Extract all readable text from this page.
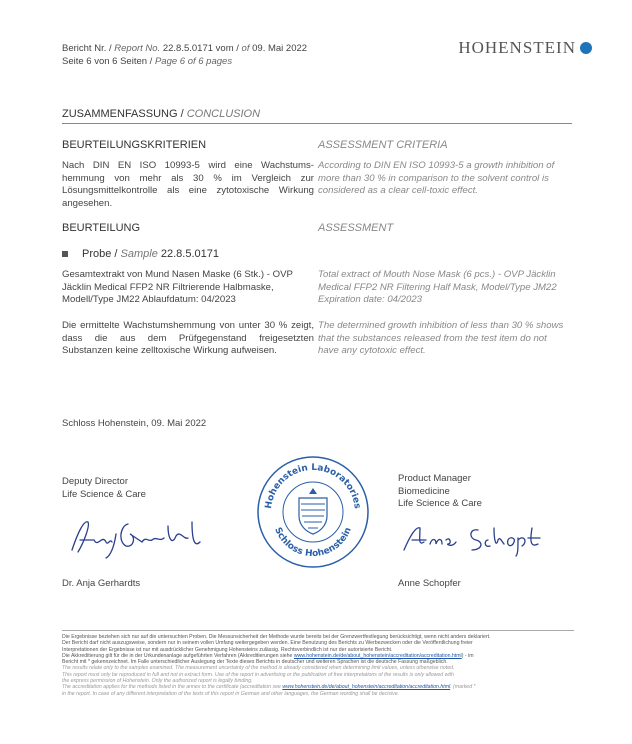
Bericht Nr. / Report No. 22.8.5.0171 vom / of 09. Mai 2022
Seite 6 von 6 Seiten / Page 6 of 6 pages
HOHENSTEIN
ZUSAMMENFASSUNG / CONCLUSION
BEURTEILUNGSKRITERIEN	ASSESSMENT CRITERIA
Nach DIN EN ISO 10993-5 wird eine Wachstums-hemmung von mehr als 30 % im Vergleich zur Lösungsmittelkontrolle als eine zytotoxische Wirkung angesehen.
According to DIN EN ISO 10993-5 a growth inhibition of more than 30 % in comparison to the solvent control is considered as a clear cell-toxic effect.
BEURTEILUNG	ASSESSMENT
Probe / Sample 22.8.5.0171
Gesamtextrakt von Mund Nasen Maske (6 Stk.) - OVP Jäcklin Medical FFP2 NR Filtrierende Halbmaske, Modell/Type JM22 Ablaufdatum: 04/2023
Total extract of Mouth Nose Mask (6 pcs.) - OVP Jäcklin Medical FFP2 NR Filtering Half Mask, Model/Type JM22 Expiration date: 04/2023
Die ermittelte Wachstumshemmung von unter 30 % zeigt, dass die aus dem Prüfgegenstand freigesetzten Substanzen keine zelltoxische Wirkung aufweisen.
The determined growth inhibition of less than 30 % shows that the substances released from the test item do not have any cytotoxic effect.
Schloss Hohenstein, 09. Mai 2022
Deputy Director
Life Science & Care
Dr. Anja Gerhardts
Hohenstein Laboratories
Schloss Hohenstein
Product Manager
Biomedicine
Life Science & Care
Anne Schopfer
Die Ergebnisse beziehen sich nur auf die untersuchten Proben. Die Messunsicherheit der Methode wurde bereits bei der Grenzwertfestlegung berücksichtigt, wenn nicht anders deklariert.
Der Bericht darf nicht auszugsweise, sondern nur in seinem vollen Umfang weitergegeben werden. Eine Benutzung des Berichts zu Werbezwecken oder die Veröffentlichung freier
Interpretationen der Ergebnisse ist nur mit ausdrücklicher Genehmigung Hohensteins zulässig. Rechtsverbindlich ist nur der autorisierte Bericht.
Die Akkreditierung gilt für die in der Urkundenanlage aufgeführten Verfahren (Akkreditierungen siehe www.hohenstein.de/de/about_hohenstein/accreditation/accreditation.html) - im
Bericht mit * gekennzeichnet. Im Falle unterschiedlicher Auslegung der Texte dieses Berichts in deutscher und weiteren Sprachen ist die deutsche Fassung maßgeblich.
The results relate only to the samples examined. The measurement uncertainty of the method is already considered when determining limit values, unless otherwise noted.
This report must only be reproduced in full and not in extract form. Use of the report in advertising or the publication of free interpretations of the results is only allowed with
the express permission of Hohenstein. Only the authorized report is legally binding.
The accreditation applies for the methods listed in the annex to the certificate (accreditation see www.hohenstein.de/de/about_hohenstein/accreditation/accreditation.html. (marked *
in the report. In case of any different interpretation of the texts of this report in German and other languages, the German wording shall be decisive.
